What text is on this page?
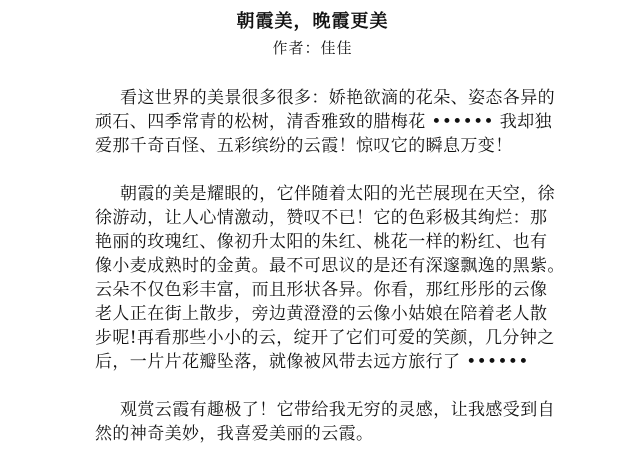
朝霞美，晚霞更美
作者：佳佳
看这世界的美景很多很多：娇艳欲滴的花朵、姿态各异的
顽石、四季常青的松树，清香雅致的腊梅花 •••••• 我却独
爱那千奇百怪、五彩缤纷的云霞！惊叹它的瞬息万变！
朝霞的美是耀眼的，它伴随着太阳的光芒展现在天空，徐
徐游动，让人心情激动，赞叹不已！它的色彩极其绚烂：那
艳丽的玫瑰红、像初升太阳的朱红、桃花一样的粉红、也有
像小麦成熟时的金黄。最不可思议的是还有深邃飘逸的黑紫。
云朵不仅色彩丰富，而且形状各异。你看，那红彤彤的云像
老人正在街上散步，旁边黄澄澄的云像小姑娘在陪着老人散
步呢!再看那些小小的云，绽开了它们可爱的笑颜，几分钟之
后，一片片花瓣坠落，就像被风带去远方旅行了 ••••••
观赏云霞有趣极了！它带给我无穷的灵感，让我感受到自
然的神奇美妙，我喜爱美丽的云霞。
